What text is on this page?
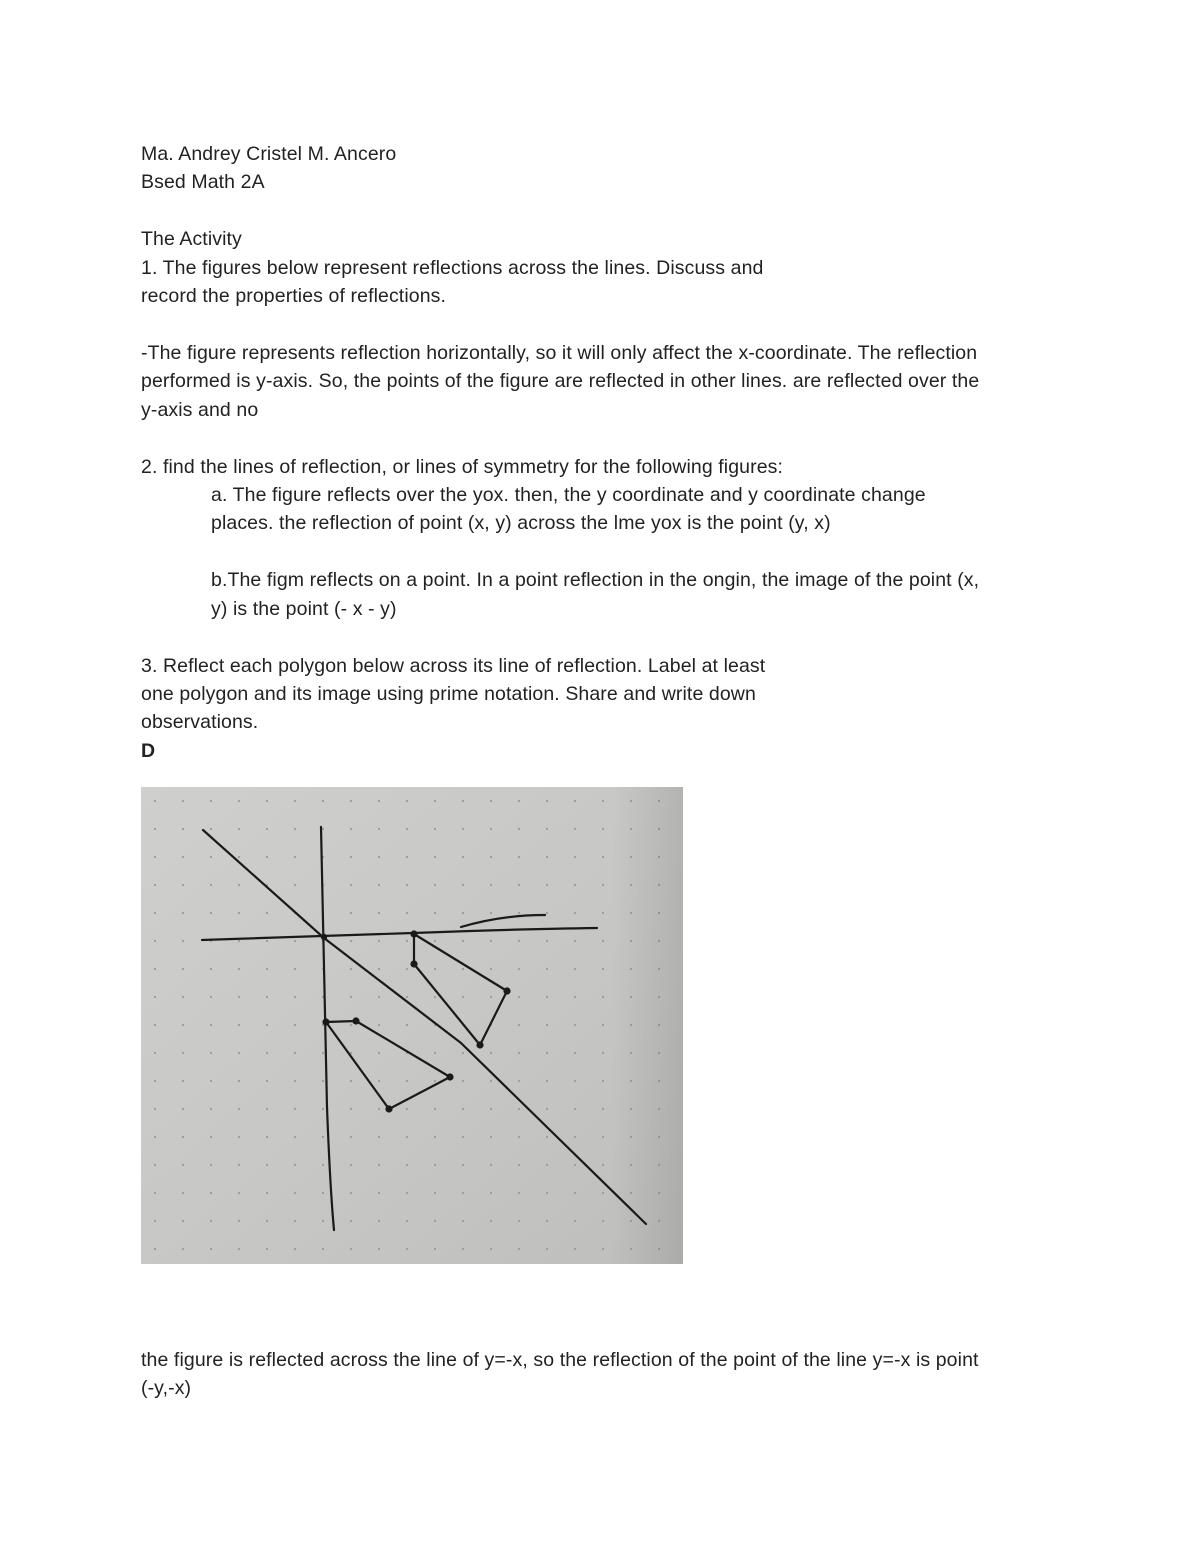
Ma. Andrey Cristel M. Ancero
Bsed Math 2A
The Activity
1. The figures below represent reflections across the lines. Discuss and
record the properties of reflections.
-The figure represents reflection horizontally, so it will only affect the x-coordinate. The reflection
performed is y-axis. So, the points of the figure are reflected in other lines. are reflected over the
y-axis and no
2. find the lines of reflection, or lines of symmetry for the following figures:
a. The figure reflects over the yox. then, the y coordinate and y coordinate change
places. the reflection of point (x, y) across the lme yox is the point (y, x)
b.The figm reflects on a point. In a point reflection in the ongin, the image of the point (x,
y) is the point (- x - y)
3. Reflect each polygon below across its line of reflection. Label at least
one polygon and its image using prime notation. Share and write down
observations.
D
the figure is reflected across the line of y=-x, so the reflection of the point of the line y=-x is point
(-y,-x)
